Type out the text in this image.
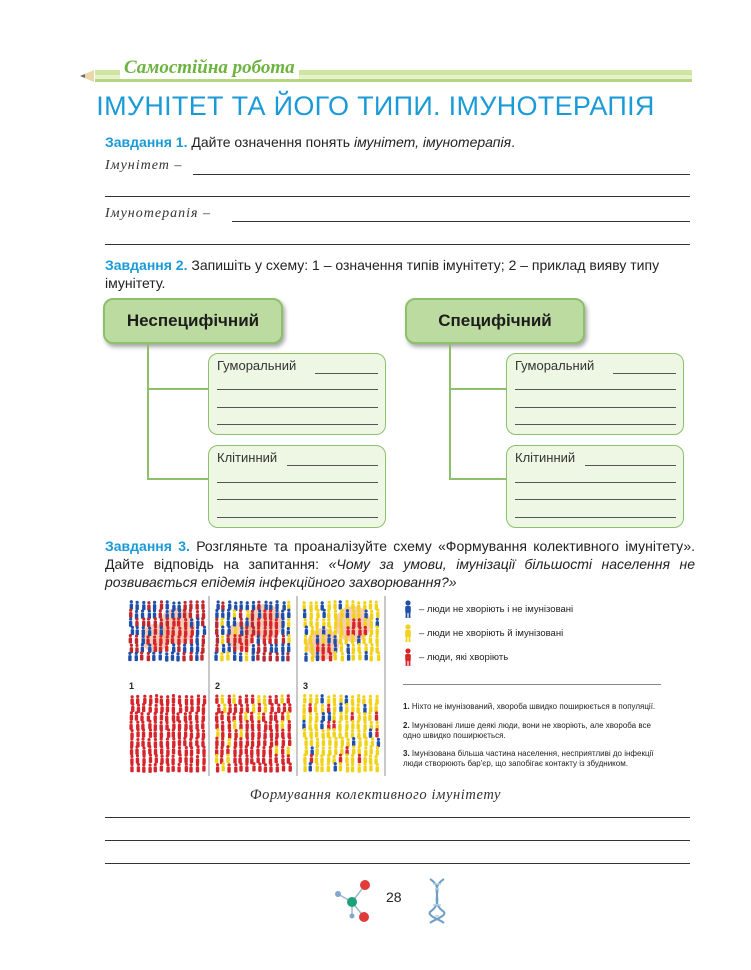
Самостійна робота
ІМУНІТЕТ ТА ЙОГО ТИПИ. ІМУНОТЕРАПІЯ
Завдання 1. Дайте означення понять імунітет, імунотерапія.
Імунітет –
Імунотерапія –
Завдання 2. Запишіть у схему: 1 – означення типів імунітету; 2 – приклад вияву типу імунітету.
Неспецифічний
Гуморальний
Клітинний
Специфічний
Гуморальний
Клітинний
Завдання 3. Розгляньте та проаналізуйте схему «Формування колективного імунітету». Дайте відповідь на запитання: «Чому за умови, імунізації більшості населення не розвивається епідемія інфекційного захворювання?»
1	2	3
– люди не хворіють і не імунізовані
– люди не хворіють й імунізовані
– люди, які хворіють
1. Ніхто не імунізований, хвороба швидко поширюється в популяції.
2. Імунізовані лише деякі люди, вони не хворіють, але хвороба все одно швидко поширюється.
3. Імунізована більша частина населення, несприятливі до інфекції люди створюють бар'єр, що запобігає контакту із збудником.
Формування колективного імунітету
28
